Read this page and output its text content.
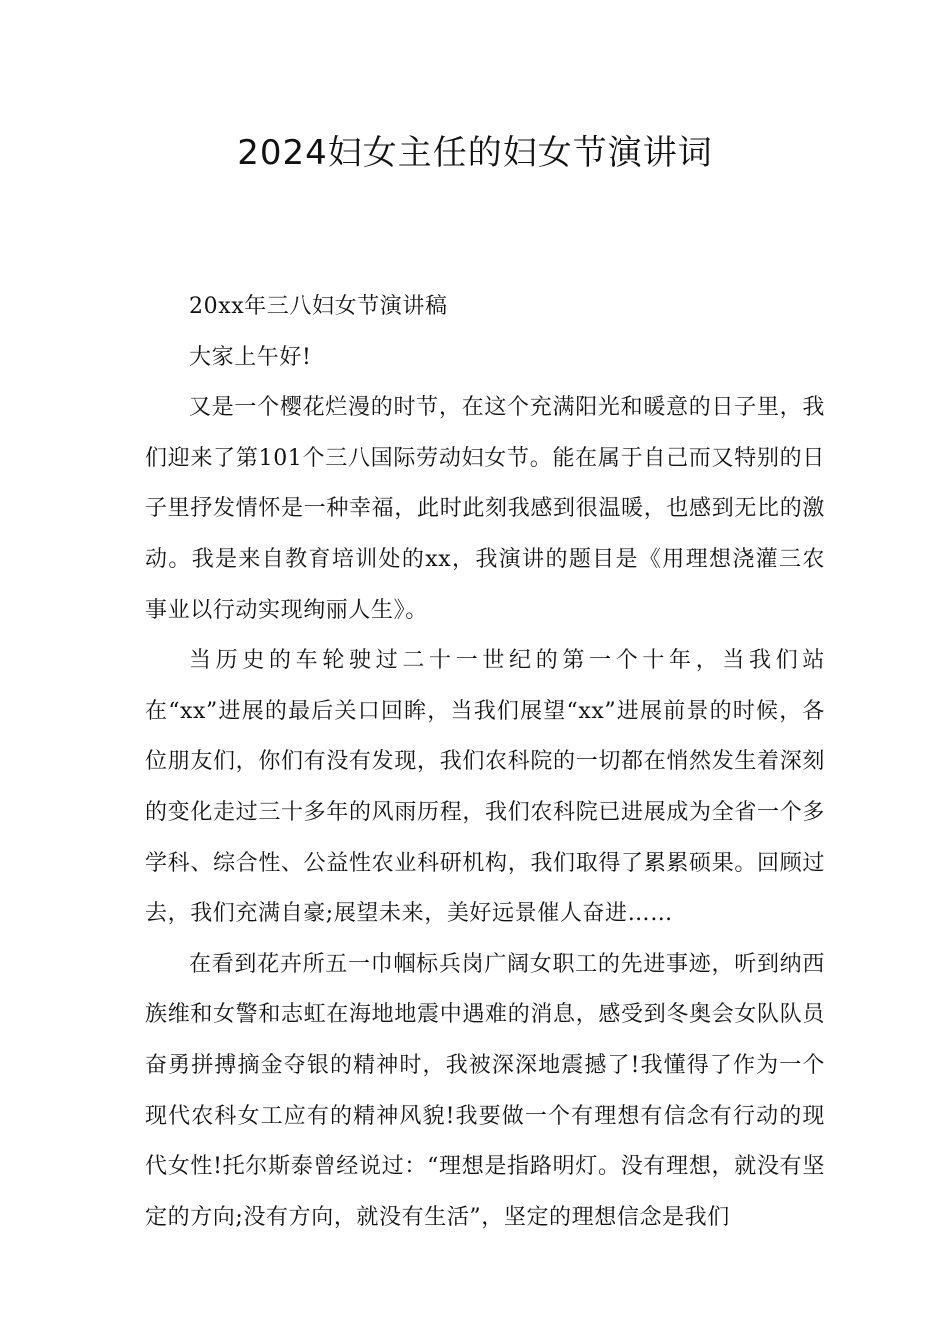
2024妇女主任的妇女节演讲词

20xx年三八妇女节演讲稿

大家上午好!

又是一个樱花烂漫的时节，在这个充满阳光和暖意的日子里，我们迎来了第101个三八国际劳动妇女节。能在属于自己而又特别的日子里抒发情怀是一种幸福，此时此刻我感到很温暖，也感到无比的激动。我是来自教育培训处的xx，我演讲的题目是《用理想浇灌三农事业以行动实现绚丽人生》。

当历史的车轮驶过二十一世纪的第一个十年，当我们站在“xx”进展的最后关口回眸，当我们展望“xx”进展前景的时候，各位朋友们，你们有没有发现，我们农科院的一切都在悄然发生着深刻的变化走过三十多年的风雨历程，我们农科院已进展成为全省一个多学科、综合性、公益性农业科研机构，我们取得了累累硕果。回顾过去，我们充满自豪;展望未来，美好远景催人奋进……

在看到花卉所五一巾帼标兵岗广阔女职工的先进事迹，听到纳西族维和女警和志虹在海地地震中遇难的消息，感受到冬奥会女队队员奋勇拼搏摘金夺银的精神时，我被深深地震撼了!我懂得了作为一个现代农科女工应有的精神风貌!我要做一个有理想有信念有行动的现代女性!托尔斯泰曾经说过：“理想是指路明灯。没有理想，就没有坚定的方向;没有方向，就没有生活”，坚定的理想信念是我们
